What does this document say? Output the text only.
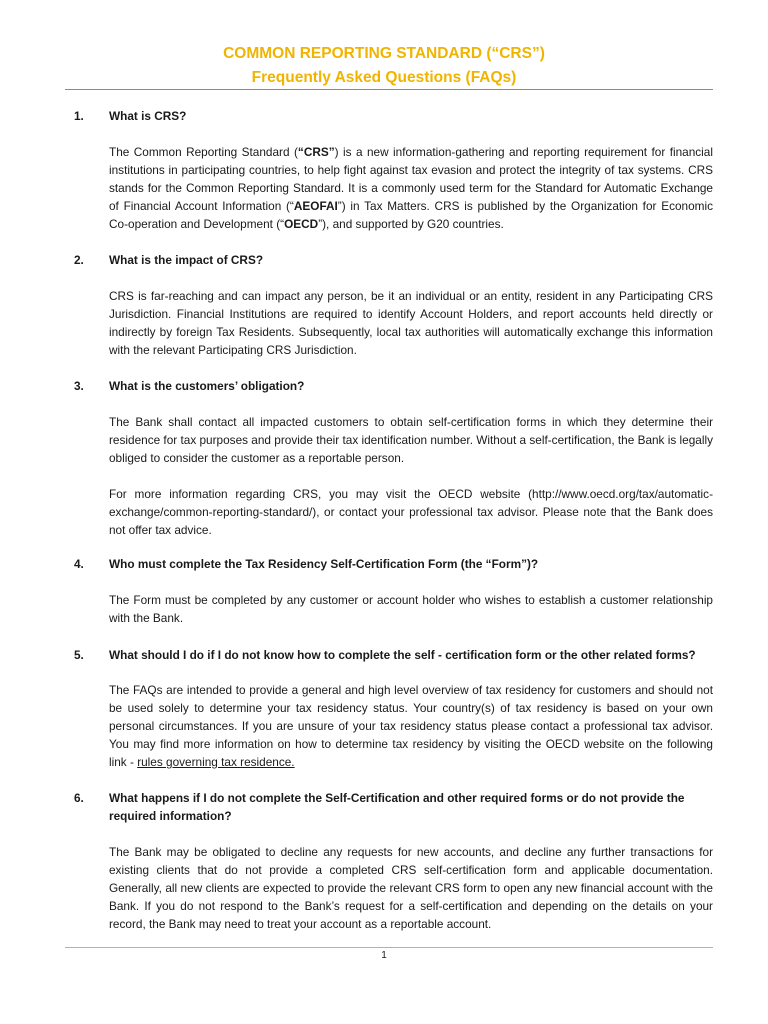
COMMON REPORTING STANDARD (“CRS”)
Frequently Asked Questions (FAQs)
1. What is CRS?
The Common Reporting Standard (“CRS”) is a new information-gathering and reporting requirement for financial institutions in participating countries, to help fight against tax evasion and protect the integrity of tax systems. CRS stands for the Common Reporting Standard. It is a commonly used term for the Standard for Automatic Exchange of Financial Account Information (“AEOFAI”) in Tax Matters. CRS is published by the Organization for Economic Co-operation and Development (“OECD”), and supported by G20 countries.
2. What is the impact of CRS?
CRS is far-reaching and can impact any person, be it an individual or an entity, resident in any Participating CRS Jurisdiction. Financial Institutions are required to identify Account Holders, and report accounts held directly or indirectly by foreign Tax Residents. Subsequently, local tax authorities will automatically exchange this information with the relevant Participating CRS Jurisdiction.
3. What is the customers’ obligation?
The Bank shall contact all impacted customers to obtain self-certification forms in which they determine their residence for tax purposes and provide their tax identification number. Without a self-certification, the Bank is legally obliged to consider the customer as a reportable person.
For more information regarding CRS, you may visit the OECD website (http://www.oecd.org/tax/automatic-exchange/common-reporting-standard/), or contact your professional tax advisor. Please note that the Bank does not offer tax advice.
4. Who must complete the Tax Residency Self-Certification Form (the “Form”)?
The Form must be completed by any customer or account holder who wishes to establish a customer relationship with the Bank.
5. What should I do if I do not know how to complete the self - certification form or the other related forms?
The FAQs are intended to provide a general and high level overview of tax residency for customers and should not be used solely to determine your tax residency status. Your country(s) of tax residency is based on your own personal circumstances. If you are unsure of your tax residency status please contact a professional tax advisor. You may find more information on how to determine tax residency by visiting the OECD website on the following link - rules governing tax residence.
6. What happens if I do not complete the Self-Certification and other required forms or do not provide the required information?
The Bank may be obligated to decline any requests for new accounts, and decline any further transactions for existing clients that do not provide a completed CRS self-certification form and applicable documentation. Generally, all new clients are expected to provide the relevant CRS form to open any new financial account with the Bank. If you do not respond to the Bank’s request for a self-certification and depending on the details on your record, the Bank may need to treat your account as a reportable account.
1
